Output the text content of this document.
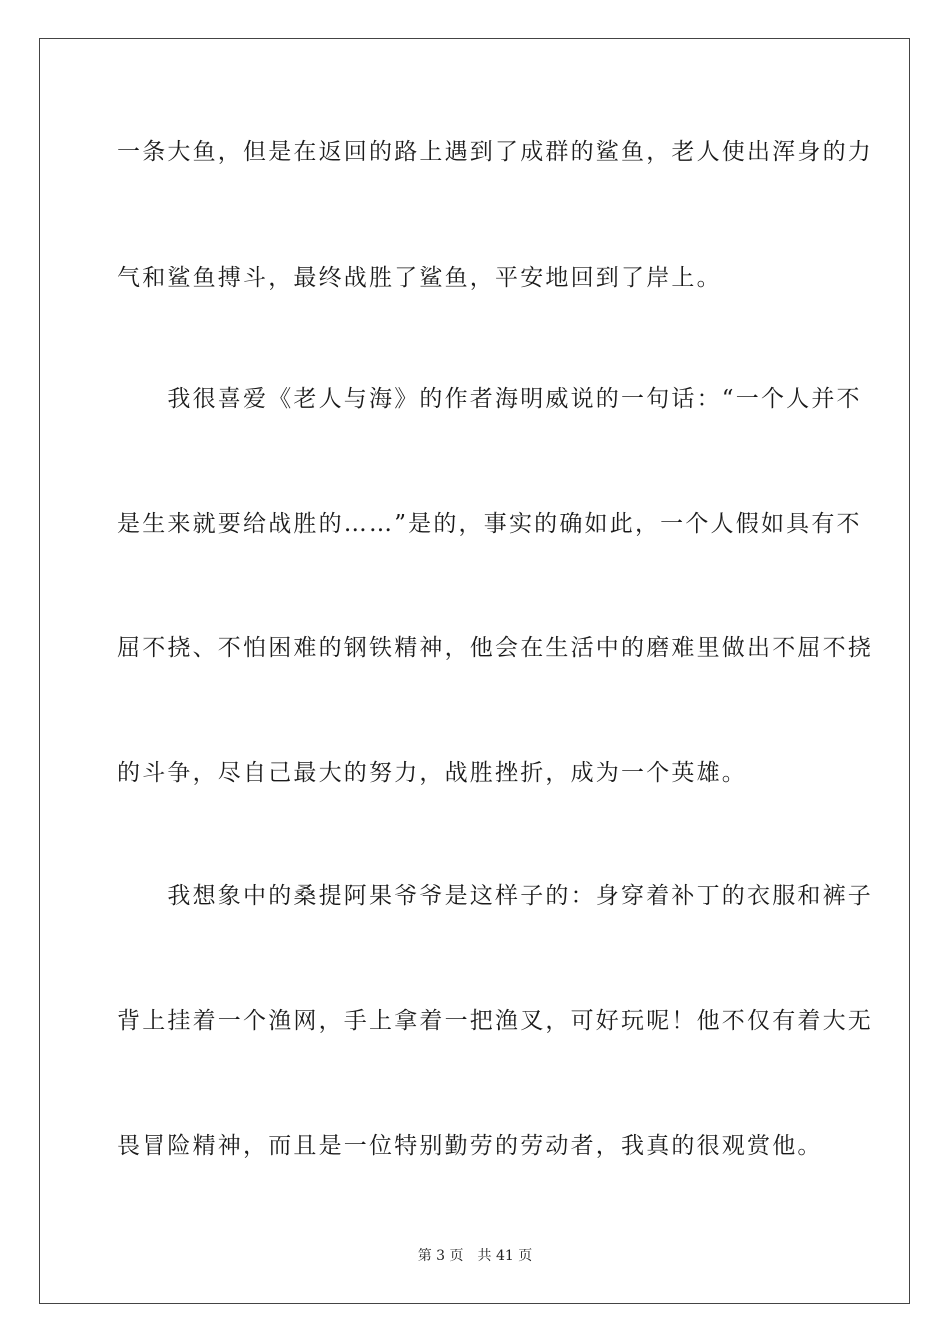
一条大鱼，但是在返回的路上遇到了成群的鲨鱼，老人使出浑身的力
气和鲨鱼搏斗，最终战胜了鲨鱼，平安地回到了岸上。
　　我很喜爱《老人与海》的作者海明威说的一句话：“一个人并不
是生来就要给战胜的……”是的，事实的确如此，一个人假如具有不
屈不挠、不怕困难的钢铁精神，他会在生活中的磨难里做出不屈不挠
的斗争，尽自己最大的努力，战胜挫折，成为一个英雄。
　　我想象中的桑提阿果爷爷是这样子的：身穿着补丁的衣服和裤子
背上挂着一个渔网，手上拿着一把渔叉，可好玩呢！他不仅有着大无
畏冒险精神，而且是一位特别勤劳的劳动者，我真的很观赏他。
第 3 页　共 41 页
